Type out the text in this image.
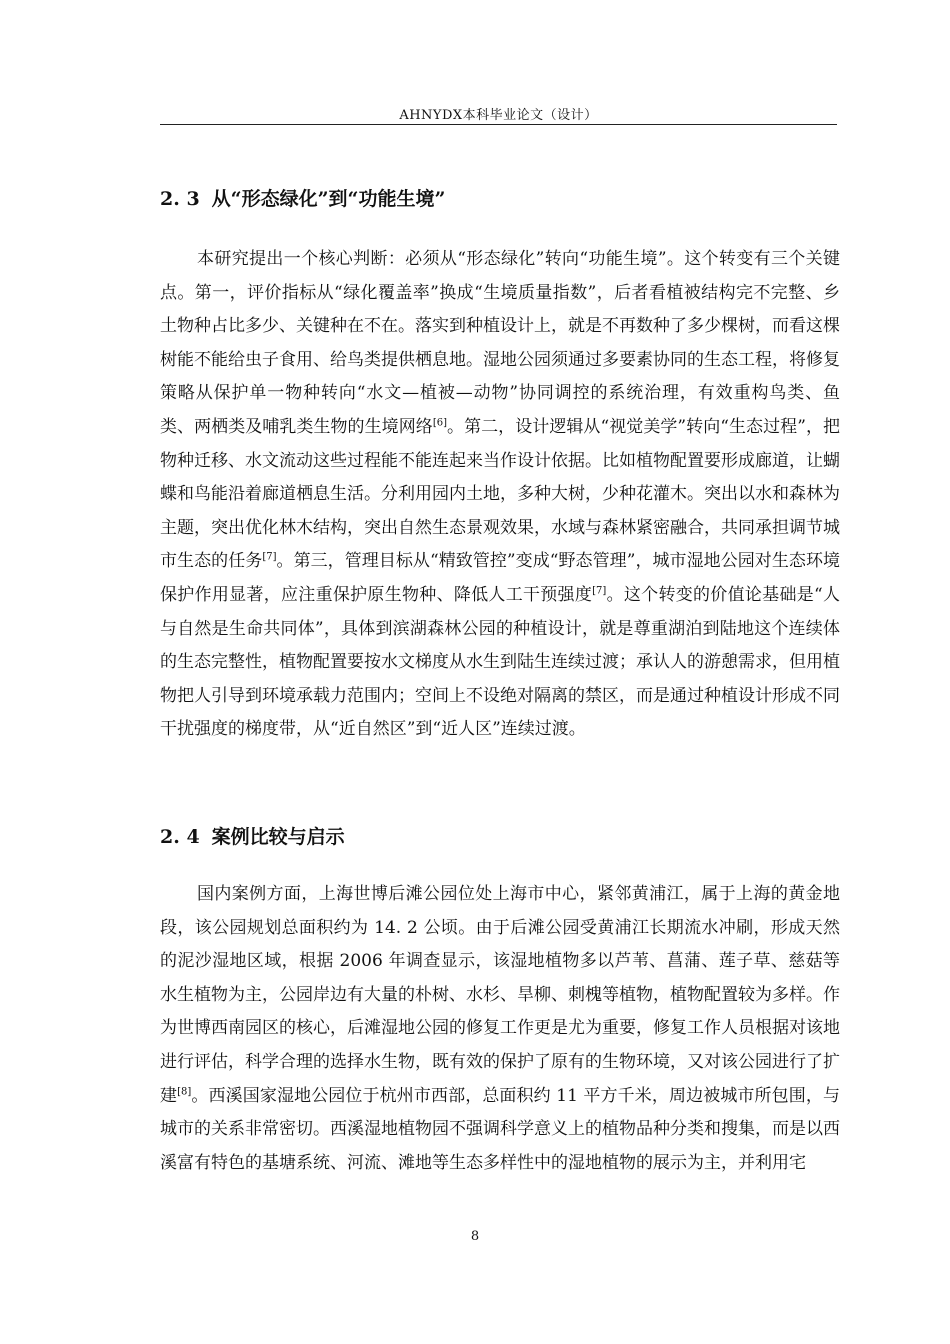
AHNYDX本科毕业论文（设计）
2. 3 从“形态绿化”到“功能生境”

本研究提出一个核心判断：必须从“形态绿化”转向“功能生境”。这个转变有三个关键点。第一，评价指标从“绿化覆盖率”换成“生境质量指数”，后者看植被结构完不完整、乡土物种占比多少、关键种在不在。落实到种植设计上，就是不再数种了多少棵树，而看这棵树能不能给虫子食用、给鸟类提供栖息地。湿地公园须通过多要素协同的生态工程，将修复策略从保护单一物种转向“水文—植被—动物”协同调控的系统治理，有效重构鸟类、鱼类、两栖类及哺乳类生物的生境网络[6]。第二，设计逻辑从“视觉美学”转向“生态过程”，把物种迁移、水文流动这些过程能不能连起来当作设计依据。比如植物配置要形成廊道，让蝴蝶和鸟能沿着廊道栖息生活。分利用园内土地，多种大树，少种花灌木。突出以水和森林为主题，突出优化林木结构，突出自然生态景观效果，水域与森林紧密融合，共同承担调节城市生态的任务[7]。第三，管理目标从“精致管控”变成“野态管理”，城市湿地公园对生态环境保护作用显著，应注重保护原生物种、降低人工干预强度[7]。这个转变的价值论基础是“人与自然是生命共同体”，具体到滨湖森林公园的种植设计，就是尊重湖泊到陆地这个连续体的生态完整性，植物配置要按水文梯度从水生到陆生连续过渡；承认人的游憩需求，但用植物把人引导到环境承载力范围内；空间上不设绝对隔离的禁区，而是通过种植设计形成不同干扰强度的梯度带，从“近自然区”到“近人区”连续过渡。

2. 4 案例比较与启示

国内案例方面，上海世博后滩公园位处上海市中心，紧邻黄浦江，属于上海的黄金地段，该公园规划总面积约为 14. 2 公顷。由于后滩公园受黄浦江长期流水冲刷，形成天然的泥沙湿地区域，根据 2006 年调查显示，该湿地植物多以芦苇、菖蒲、莲子草、慈菇等水生植物为主，公园岸边有大量的朴树、水杉、旱柳、刺槐等植物，植物配置较为多样。作为世博西南园区的核心，后滩湿地公园的修复工作更是尤为重要，修复工作人员根据对该地进行评估，科学合理的选择水生物，既有效的保护了原有的生物环境，又对该公园进行了扩建[8]。西溪国家湿地公园位于杭州市西部，总面积约 11 平方千米，周边被城市所包围，与城市的关系非常密切。西溪湿地植物园不强调科学意义上的植物品种分类和搜集，而是以西溪富有特色的基塘系统、河流、滩地等生态多样性中的湿地植物的展示为主，并利用宅

8
